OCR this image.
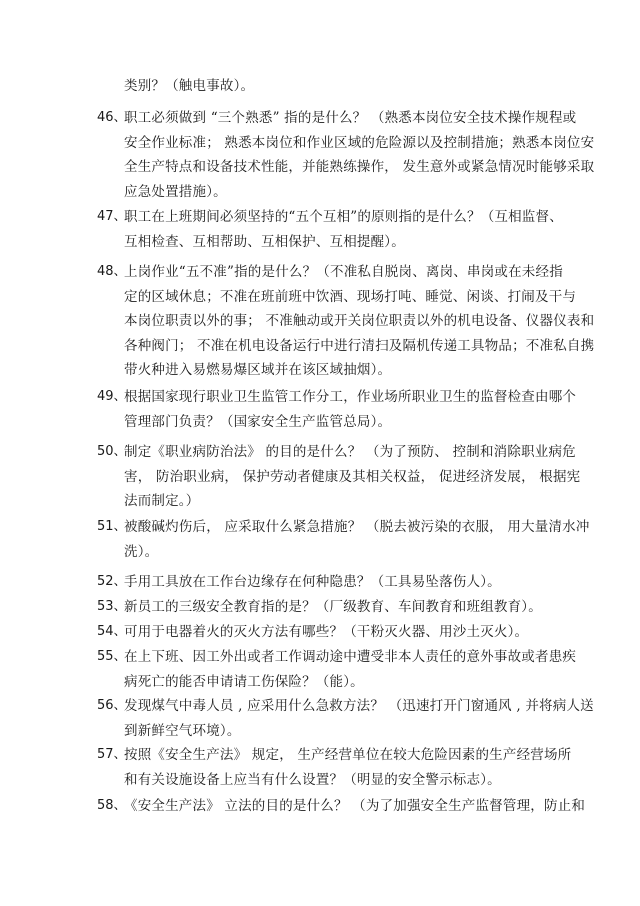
类别？（触电事故）。
46、
职工必须做到 “三个熟悉” 指的是什么？ （熟悉本岗位安全技术操作规程或
安全作业标准； 熟悉本岗位和作业区域的危险源以及控制措施；熟悉本岗位安
全生产特点和设备技术性能，并能熟练操作， 发生意外或紧急情况时能够采取
应急处置措施）。
47、
职工在上班期间必须坚持的“五个互相”的原则指的是什么？（互相监督、
互相检查、互相帮助、互相保护、互相提醒）。
48、
上岗作业“五不准”指的是什么？（不准私自脱岗、离岗、串岗或在未经指
定的区域休息；不准在班前班中饮酒、现场打吨、睡觉、闲谈、打闹及干与
本岗位职责以外的事； 不准触动或开关岗位职责以外的机电设备、仪器仪表和
各种阀门； 不准在机电设备运行中进行清扫及隔机传递工具物品；不准私自携
带火种进入易燃易爆区域并在该区域抽烟）。
49、
根据国家现行职业卫生监管工作分工，作业场所职业卫生的监督检查由哪个
管理部门负责？（国家安全生产监管总局）。
50、
制定《职业病防治法》 的目的是什么？ （为了预防、 控制和消除职业病危
害， 防治职业病， 保护劳动者健康及其相关权益， 促进经济发展， 根据宪
法而制定。）
51、
被酸碱灼伤后， 应采取什么紧急措施？ （脱去被污染的衣服， 用大量清水冲
洗）。
52、
手用工具放在工作台边缘存在何种隐患？（工具易坠落伤人）。
53、
新员工的三级安全教育指的是？（厂级教育、车间教育和班组教育）。
54、
可用于电器着火的灭火方法有哪些？（干粉灭火器、用沙土灭火）。
55、
在上下班、因工外出或者工作调动途中遭受非本人责任的意外事故或者患疾
病死亡的能否申请请工伤保险？（能）。
56、
发现煤气中毒人员 , 应采用什么急救方法？ （迅速打开门窗通风 , 并将病人送
到新鲜空气环境）。
57、
按照《安全生产法》 规定， 生产经营单位在较大危险因素的生产经营场所
和有关设施设备上应当有什么设置？（明显的安全警示标志）。
58、
《安全生产法》 立法的目的是什么？ （为了加强安全生产监督管理，防止和
